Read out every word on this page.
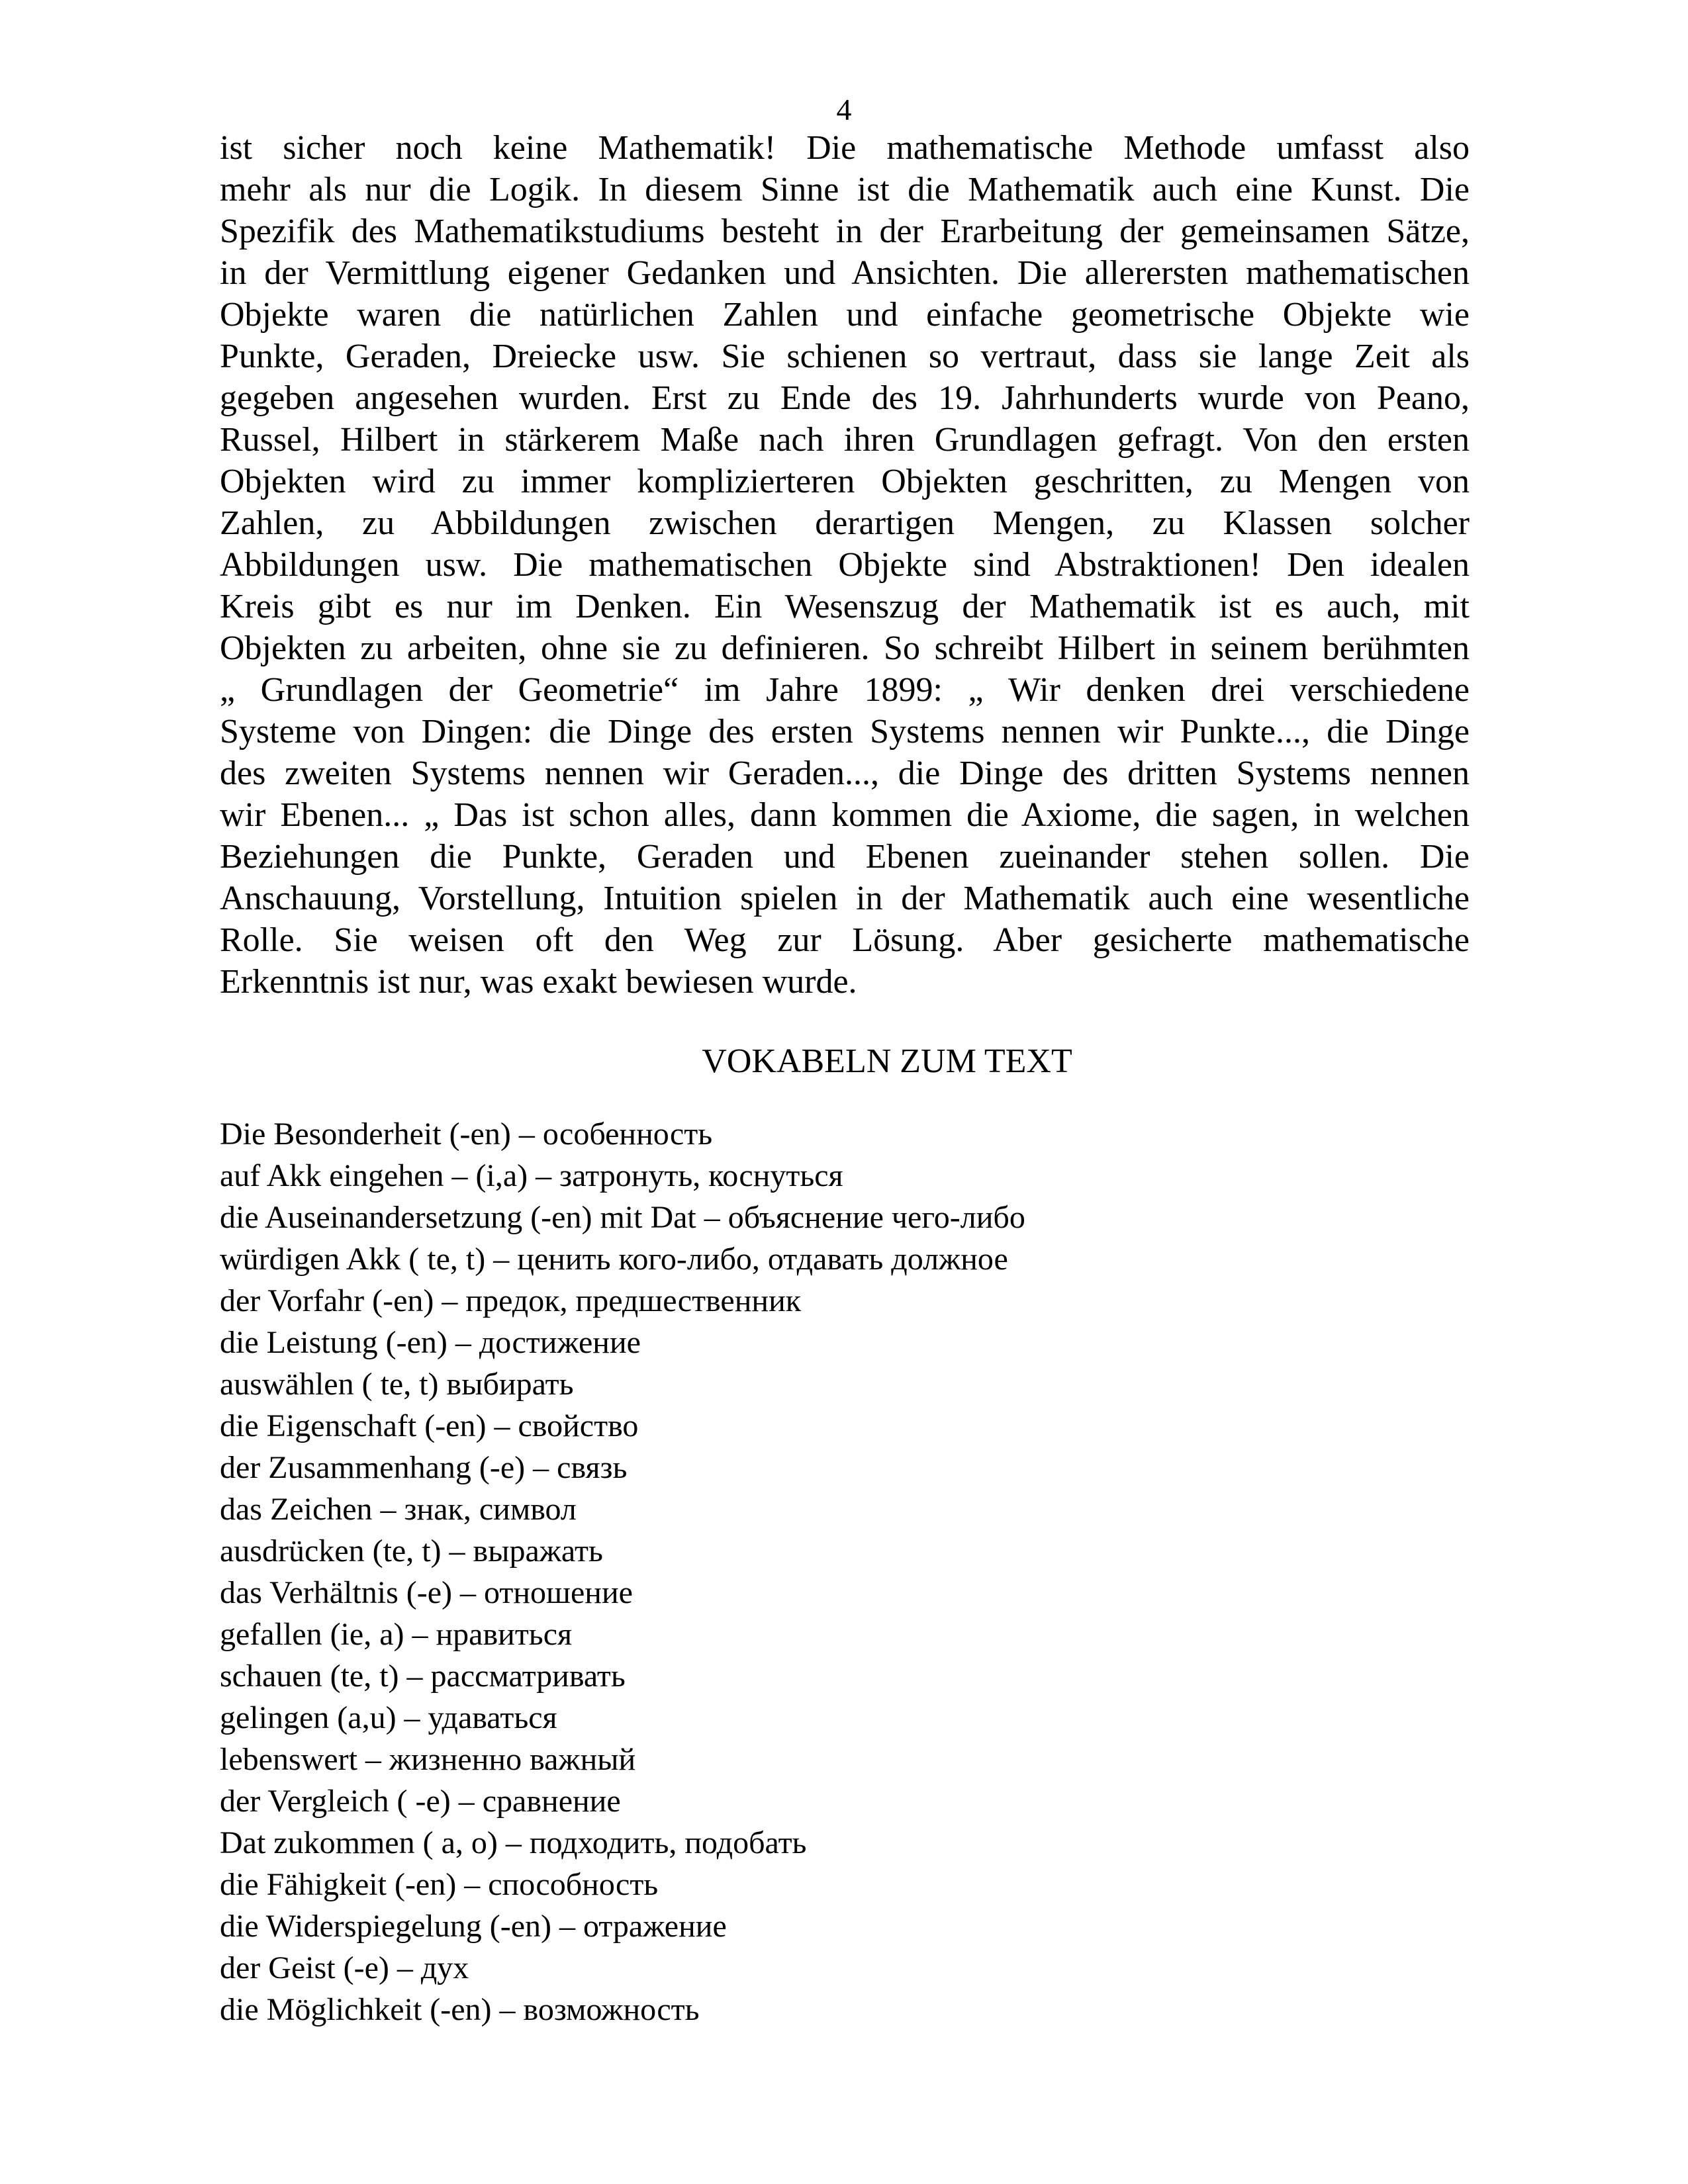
4
ist sicher noch keine Mathematik! Die mathematische Methode umfasst also
mehr als nur die Logik. In diesem Sinne ist die Mathematik auch eine Kunst. Die
Spezifik des Mathematikstudiums besteht in der Erarbeitung der gemeinsamen Sätze,
in der Vermittlung eigener Gedanken und Ansichten. Die allerersten mathematischen
Objekte waren die natürlichen Zahlen und einfache geometrische Objekte wie
Punkte, Geraden, Dreiecke usw. Sie schienen so vertraut, dass sie lange Zeit als
gegeben angesehen wurden. Erst zu Ende des 19. Jahrhunderts wurde von Peano,
Russel, Hilbert in stärkerem Maße nach ihren Grundlagen gefragt. Von den ersten
Objekten wird zu immer komplizierteren Objekten geschritten, zu Mengen von
Zahlen, zu Abbildungen zwischen derartigen Mengen, zu Klassen solcher
Abbildungen usw. Die mathematischen Objekte sind Abstraktionen! Den idealen
Kreis gibt es nur im Denken. Ein Wesenszug der Mathematik ist es auch, mit
Objekten zu arbeiten, ohne sie zu definieren. So schreibt Hilbert in seinem berühmten
„ Grundlagen der Geometrie“ im Jahre 1899: „ Wir denken drei verschiedene
Systeme von Dingen: die Dinge des ersten Systems nennen wir Punkte..., die Dinge
des zweiten Systems nennen wir Geraden..., die Dinge des dritten Systems nennen
wir Ebenen... „ Das ist schon alles, dann kommen die Axiome, die sagen, in welchen
Beziehungen die Punkte, Geraden und Ebenen zueinander stehen sollen. Die
Anschauung, Vorstellung, Intuition spielen in der Mathematik auch eine wesentliche
Rolle. Sie weisen oft den Weg zur Lösung. Aber gesicherte mathematische
Erkenntnis ist nur, was exakt bewiesen wurde.
VOKABELN ZUM TEXT
Die Besonderheit (-en) – особенность
auf Akk eingehen – (i,a) – затронуть, коснуться
die Auseinandersetzung (-en) mit Dat – объяснение чего-либо
würdigen Akk ( te, t) – ценить кого-либо, отдавать должное
der Vorfahr (-en) – предок, предшественник
die Leistung (-en) – достижение
auswählen ( te, t) выбирать
die Eigenschaft (-en) – свойство
der Zusammenhang (-e) – связь
das Zeichen – знак, символ
ausdrücken (te, t) – выражать
das Verhältnis (-e) – отношение
gefallen (ie, a) – нравиться
schauen (te, t) – рассматривать
gelingen (a,u) – удаваться
lebenswert – жизненно важный
der Vergleich ( -e) – сравнение
Dat zukommen ( a, o) – подходить, подобать
die Fähigkeit (-en) – способность
die Widerspiegelung (-en) – отражение
der Geist (-e) – дух
die Möglichkeit (-en) – возможность
